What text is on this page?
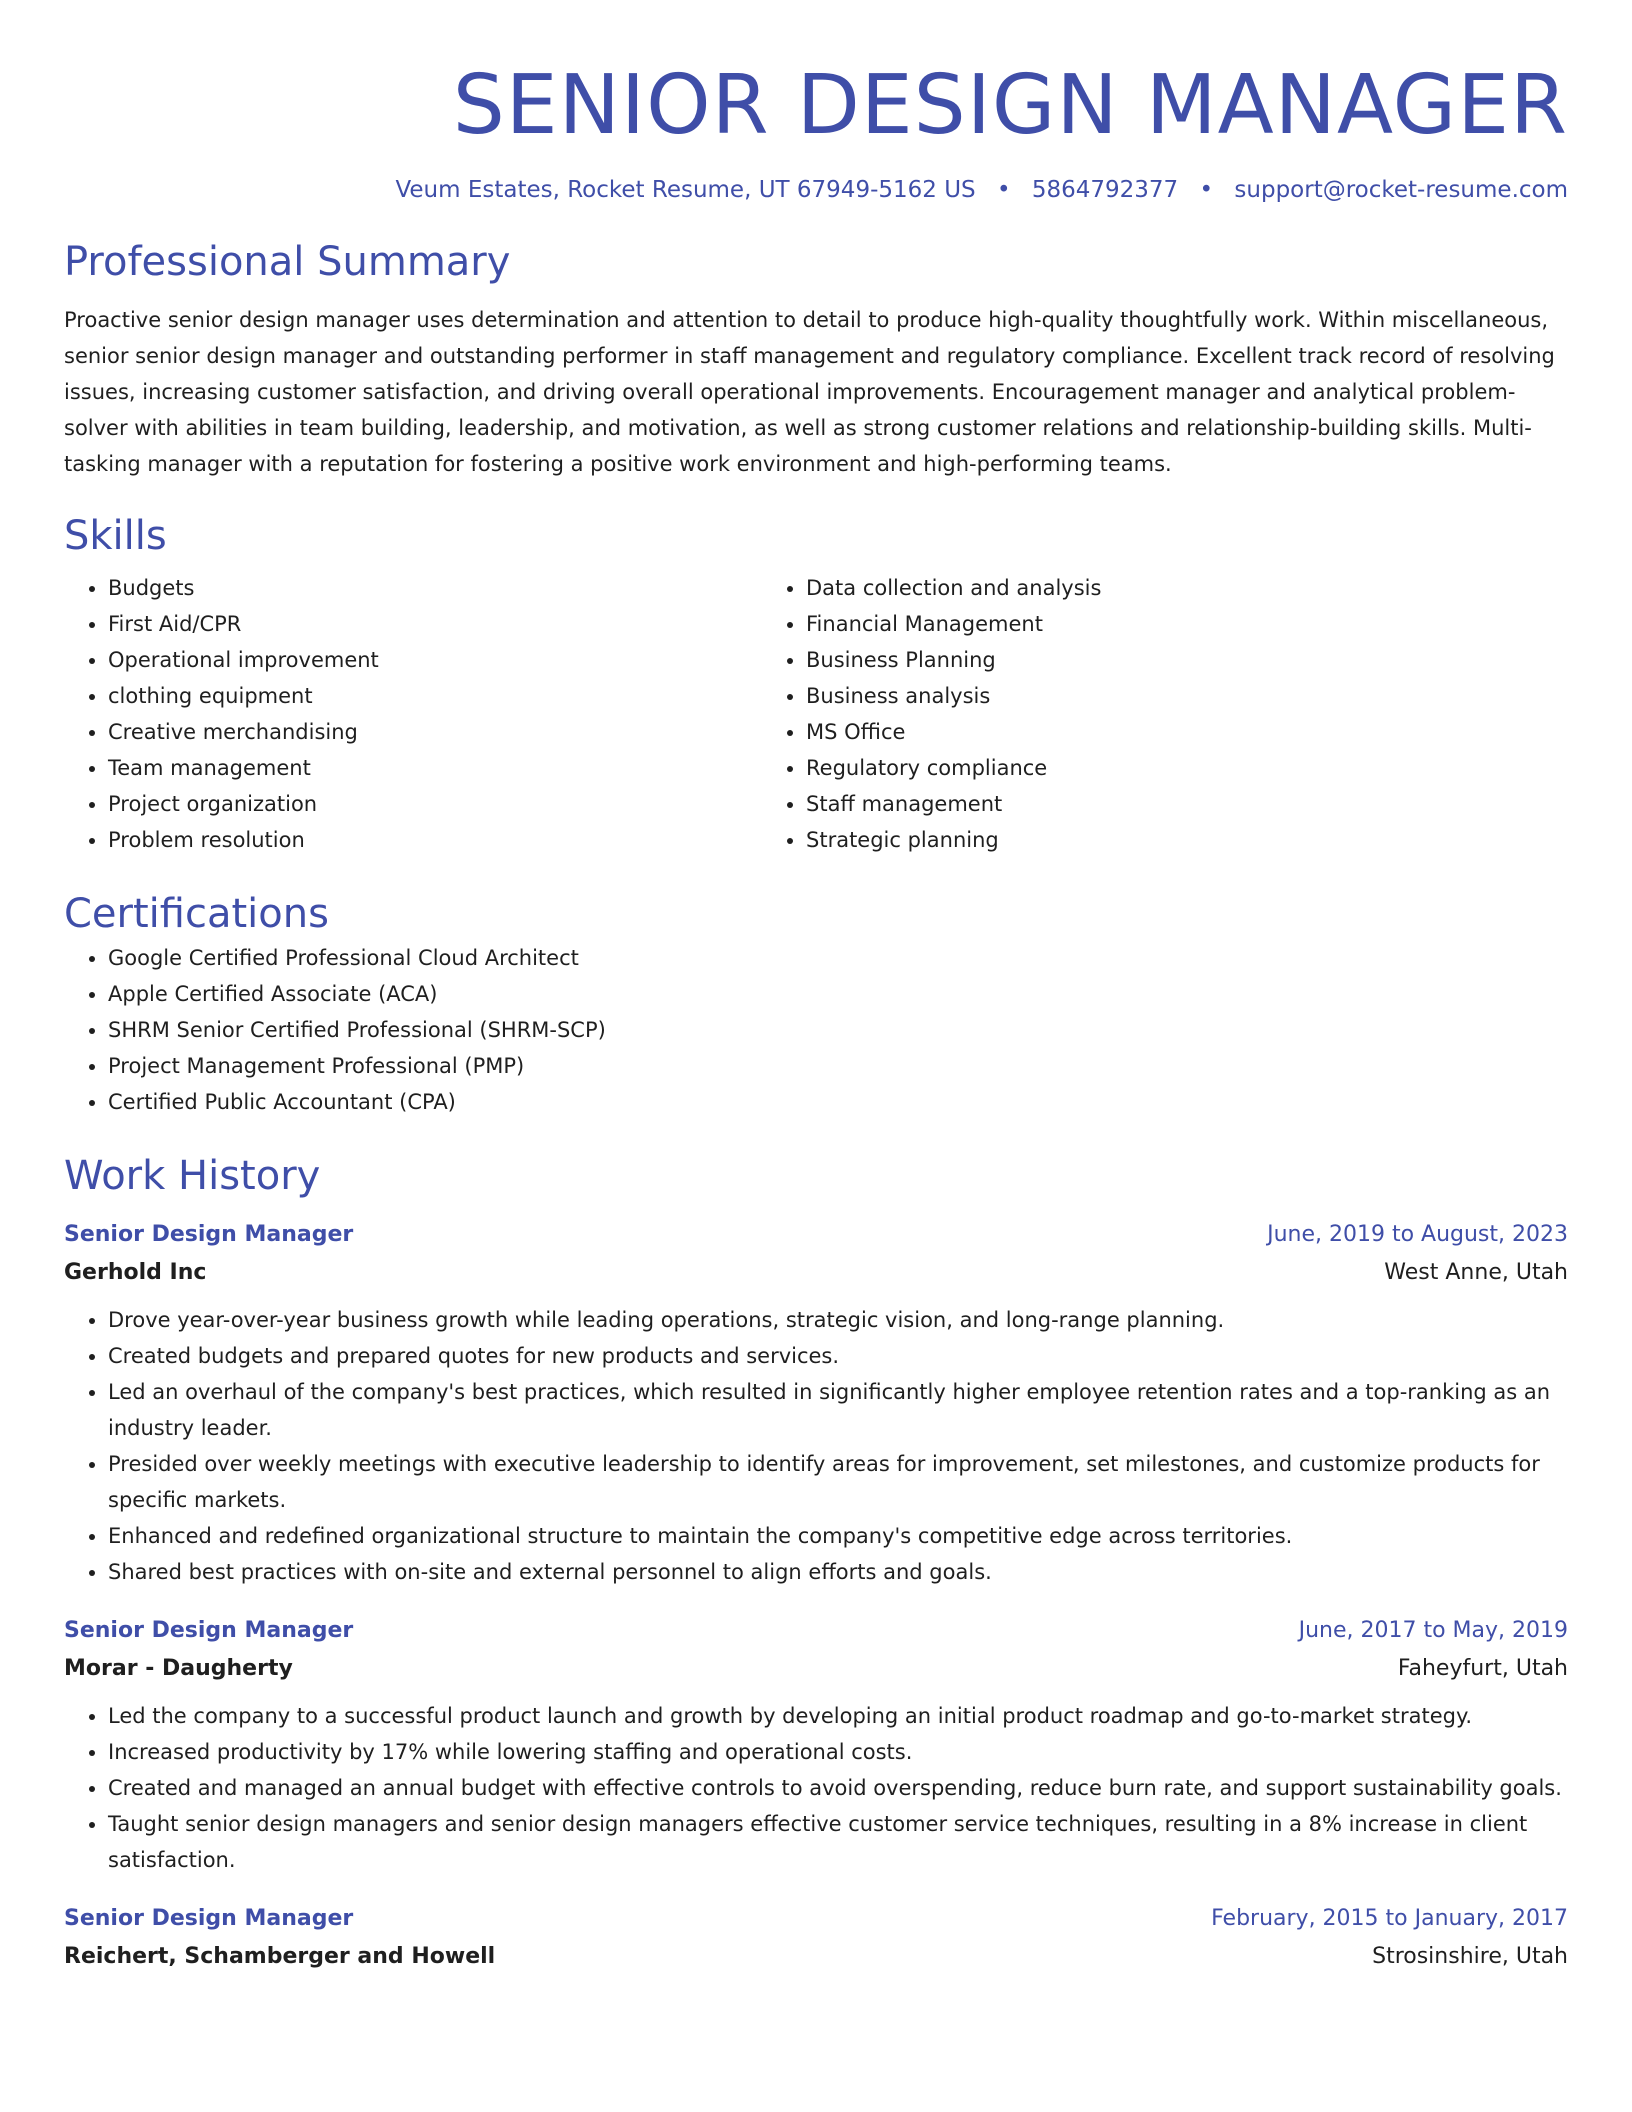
SENIOR DESIGN MANAGER
Veum Estates, Rocket Resume, UT 67949-5162 US • 5864792377 • support@rocket-resume.com
Professional Summary
Proactive senior design manager uses determination and attention to detail to produce high-quality thoughtfully work. Within miscellaneous, senior senior design manager and outstanding performer in staff management and regulatory compliance. Excellent track record of resolving issues, increasing customer satisfaction, and driving overall operational improvements. Encouragement manager and analytical problem-solver with abilities in team building, leadership, and motivation, as well as strong customer relations and relationship-building skills. Multi-tasking manager with a reputation for fostering a positive work environment and high-performing teams.
Skills
• Budgets
• First Aid/CPR
• Operational improvement
• clothing equipment
• Creative merchandising
• Team management
• Project organization
• Problem resolution
• Data collection and analysis
• Financial Management
• Business Planning
• Business analysis
• MS Office
• Regulatory compliance
• Staff management
• Strategic planning
Certifications
• Google Certified Professional Cloud Architect
• Apple Certified Associate (ACA)
• SHRM Senior Certified Professional (SHRM-SCP)
• Project Management Professional (PMP)
• Certified Public Accountant (CPA)
Work History
Senior Design Manager	June, 2019 to August, 2023
Gerhold Inc	West Anne, Utah
• Drove year-over-year business growth while leading operations, strategic vision, and long-range planning.
• Created budgets and prepared quotes for new products and services.
• Led an overhaul of the company's best practices, which resulted in significantly higher employee retention rates and a top-ranking as an industry leader.
• Presided over weekly meetings with executive leadership to identify areas for improvement, set milestones, and customize products for specific markets.
• Enhanced and redefined organizational structure to maintain the company's competitive edge across territories.
• Shared best practices with on-site and external personnel to align efforts and goals.
Senior Design Manager	June, 2017 to May, 2019
Morar - Daugherty	Faheyfurt, Utah
• Led the company to a successful product launch and growth by developing an initial product roadmap and go-to-market strategy.
• Increased productivity by 17% while lowering staffing and operational costs.
• Created and managed an annual budget with effective controls to avoid overspending, reduce burn rate, and support sustainability goals.
• Taught senior design managers and senior design managers effective customer service techniques, resulting in a 8% increase in client satisfaction.
Senior Design Manager	February, 2015 to January, 2017
Reichert, Schamberger and Howell	Strosinshire, Utah
